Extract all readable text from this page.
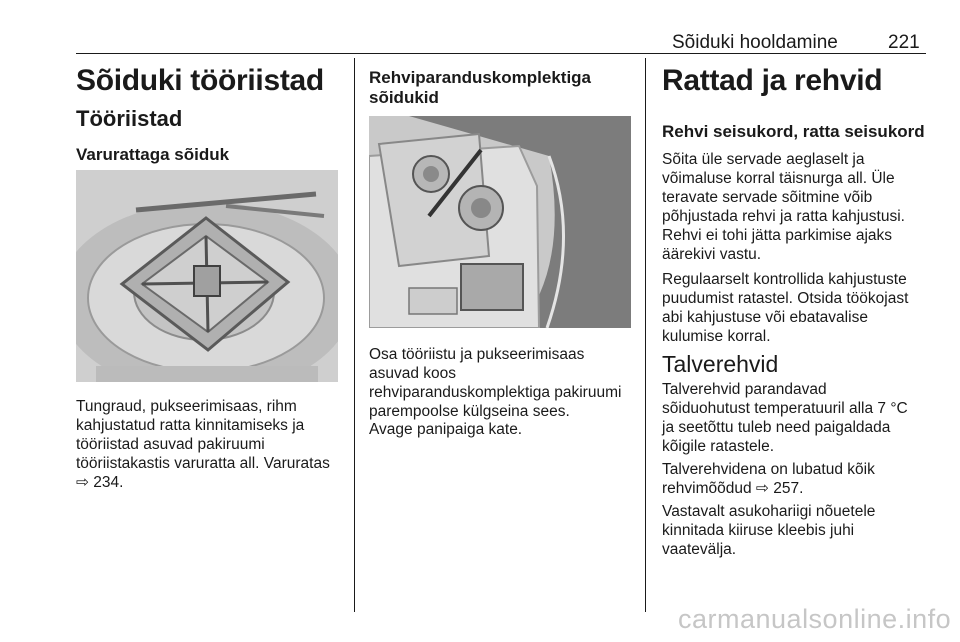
Sõiduki hooldamine	221
Sõiduki tööriistad
Tööriistad
Varurattaga sõiduk
Tungraud, pukseerimisaas, rihm
kahjustatud ratta kinnitamiseks ja
tööriistad asuvad pakiruumi
tööriistakastis varuratta all. Varuratas
⇨ 234.
Rehviparanduskomplektiga
sõidukid
Osa tööriistu ja pukseerimisaas
asuvad koos
rehviparanduskomplektiga pakiruumi
parempoolse külgseina sees.
Avage panipaiga kate.
Rattad ja rehvid
Rehvi seisukord, ratta seisukord
Sõita üle servade aeglaselt ja
võimaluse korral täisnurga all. Üle
teravate servade sõitmine võib
põhjustada rehvi ja ratta kahjustusi.
Rehvi ei tohi jätta parkimise ajaks
äärekivi vastu.
Regulaarselt kontrollida kahjustuste
puudumist ratastel. Otsida töökojast
abi kahjustuse või ebatavalise
kulumise korral.
Talverehvid
Talverehvid parandavad
sõiduohutust temperatuuril alla 7 °C
ja seetõttu tuleb need paigaldada
kõigile ratastele.
Talverehvidena on lubatud kõik
rehvimõõdud ⇨ 257.
Vastavalt asukohariigi nõuetele
kinnitada kiiruse kleebis juhi
vaatevälja.
carmanualsonline.info
